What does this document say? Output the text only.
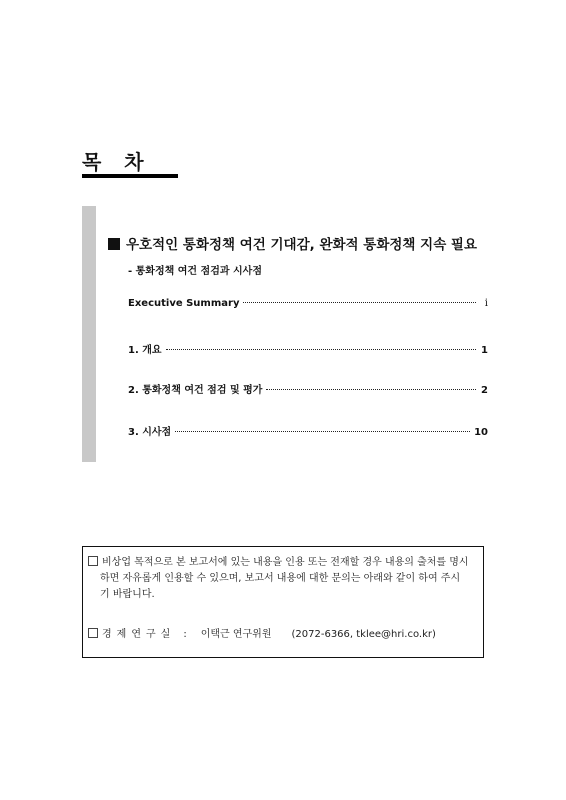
목 차
우호적인 통화정책 여건 기대감, 완화적 통화정책 지속 필요
- 통화정책 여건 점검과 시사점
Executive Summary	i
1. 개요	1
2. 통화정책 여건 점검 및 평가	2
3. 시사점	10
비상업 목적으로 본 보고서에 있는 내용을 인용 또는 전재할 경우 내용의 출처를 명시
하면 자유롭게 인용할 수 있으며, 보고서 내용에 대한 문의는 아래와 같이 하여 주시
기 바랍니다.
경제연구실 : 이택근 연구위원 (2072-6366, tklee@hri.co.kr)
